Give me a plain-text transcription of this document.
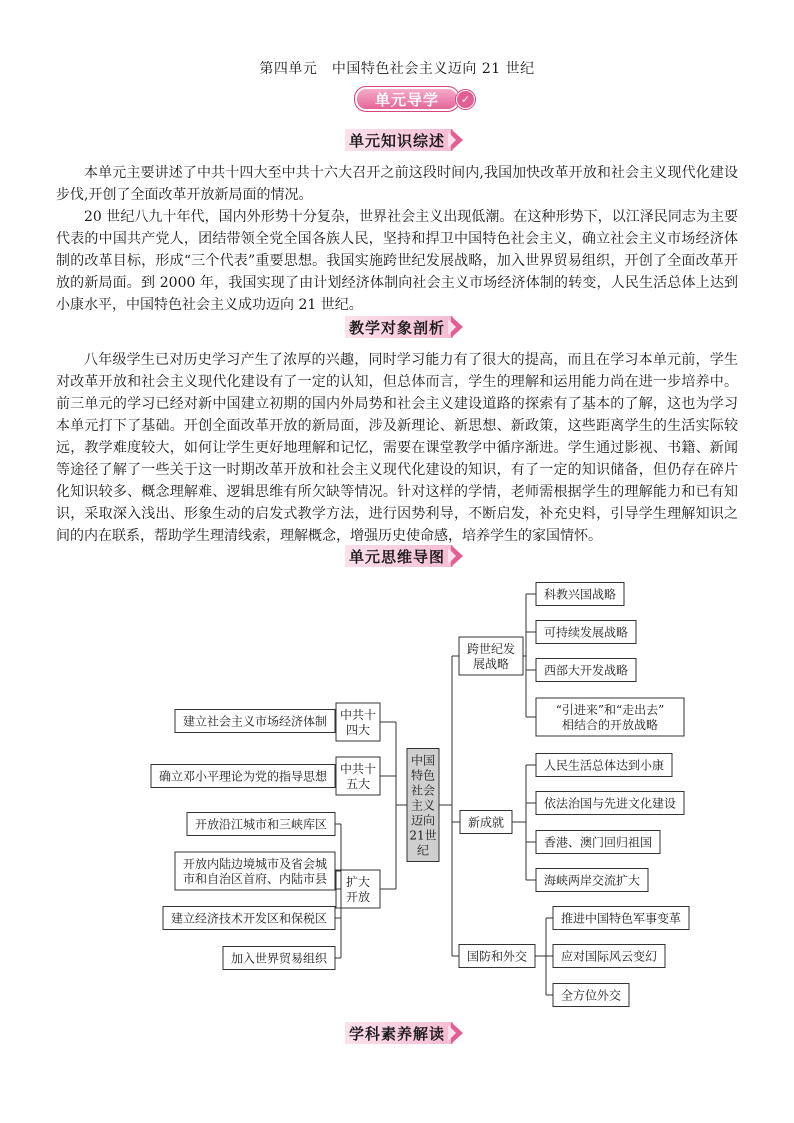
第四单元　中国特色社会主义迈向 21 世纪
单元导学	✓
单元知识综述

本单元主要讲述了中共十四大至中共十六大召开之前这段时间内,我国加快改革开放和社会主义现代化建设步伐,开创了全面改革开放新局面的情况。

20 世纪八九十年代，国内外形势十分复杂，世界社会主义出现低潮。在这种形势下，以江泽民同志为主要代表的中国共产党人，团结带领全党全国各族人民，坚持和捍卫中国特色社会主义，确立社会主义市场经济体制的改革目标，形成“三个代表”重要思想。我国实施跨世纪发展战略，加入世界贸易组织，开创了全面改革开放的新局面。到 2000 年，我国实现了由计划经济体制向社会主义市场经济体制的转变，人民生活总体上达到小康水平，中国特色社会主义成功迈向 21 世纪。

教学对象剖析

八年级学生已对历史学习产生了浓厚的兴趣，同时学习能力有了很大的提高，而且在学习本单元前，学生对改革开放和社会主义现代化建设有了一定的认知，但总体而言，学生的理解和运用能力尚在进一步培养中。前三单元的学习已经对新中国建立初期的国内外局势和社会主义建设道路的探索有了基本的了解，这也为学习本单元打下了基础。开创全面改革开放的新局面，涉及新理论、新思想、新政策，这些距离学生的生活实际较远，教学难度较大，如何让学生更好地理解和记忆，需要在课堂教学中循序渐进。学生通过影视、书籍、新闻等途径了解了一些关于这一时期改革开放和社会主义现代化建设的知识，有了一定的知识储备，但仍存在碎片化知识较多、概念理解难、逻辑思维有所欠缺等情况。针对这样的学情，老师需根据学生的理解能力和已有知识，采取深入浅出、形象生动的启发式教学方法，进行因势利导，不断启发，补充史料，引导学生理解知识之间的内在联系，帮助学生理清线索，理解概念，增强历史使命感，培养学生的家国情怀。

单元思维导图
中国
特色
社会
主义
迈向
21世
纪
中共十
四大
建立社会主义市场经济体制
中共十
五大
确立邓小平理论为党的指导思想
扩大
开放
开放沿江城市和三峡库区
开放内陆边境城市及省会城
市和自治区首府、内陆市县
建立经济技术开发区和保税区
加入世界贸易组织
跨世纪发
展战略
科教兴国战略
可持续发展战略
西部大开发战略
“引进来”和“走出去”
相结合的开放战略
新成就
人民生活总体达到小康
依法治国与先进文化建设
香港、澳门回归祖国
海峡两岸交流扩大
国防和外交
推进中国特色军事变革
应对国际风云变幻
全方位外交
学科素养解读
